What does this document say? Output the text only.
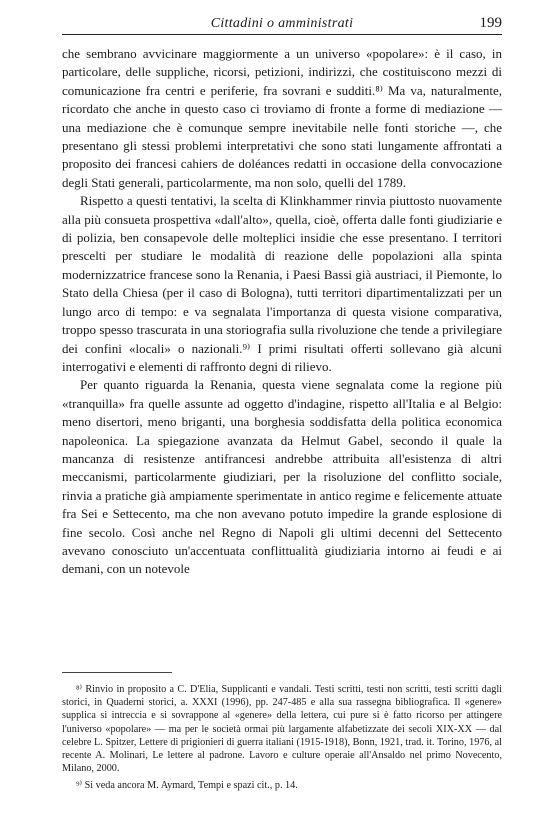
Cittadini o amministrati	199

che sembrano avvicinare maggiormente a un universo «popolare»: è il caso, in particolare, delle suppliche, ricorsi, petizioni, indirizzi, che costituiscono mezzi di comunicazione fra centri e periferie, fra sovrani e sudditi.⁸⁾ Ma va, naturalmente, ricordato che anche in questo caso ci troviamo di fronte a forme di mediazione — una mediazione che è comunque sempre inevitabile nelle fonti storiche —, che presentano gli stessi problemi interpretativi che sono stati lungamente affrontati a proposito dei francesi cahiers de doléances redatti in occasione della convocazione degli Stati generali, particolarmente, ma non solo, quelli del 1789.

Rispetto a questi tentativi, la scelta di Klinkhammer rinvia piuttosto nuovamente alla più consueta prospettiva «dall'alto», quella, cioè, offerta dalle fonti giudiziarie e di polizia, ben consapevole delle molteplici insidie che esse presentano. I territori prescelti per studiare le modalità di reazione delle popolazioni alla spinta modernizzatrice francese sono la Renania, i Paesi Bassi già austriaci, il Piemonte, lo Stato della Chiesa (per il caso di Bologna), tutti territori dipartimentalizzati per un lungo arco di tempo: e va segnalata l'importanza di questa visione comparativa, troppo spesso trascurata in una storiografia sulla rivoluzione che tende a privilegiare dei confini «locali» o nazionali.⁹⁾ I primi risultati offerti sollevano già alcuni interrogativi e elementi di raffronto degni di rilievo.

Per quanto riguarda la Renania, questa viene segnalata come la regione più «tranquilla» fra quelle assunte ad oggetto d'indagine, rispetto all'Italia e al Belgio: meno disertori, meno briganti, una borghesia soddisfatta della politica economica napoleonica. La spiegazione avanzata da Helmut Gabel, secondo il quale la mancanza di resistenze antifrancesi andrebbe attribuita all'esistenza di altri meccanismi, particolarmente giudiziari, per la risoluzione del conflitto sociale, rinvia a pratiche già ampiamente sperimentate in antico regime e felicemente attuate fra Sei e Settecento, ma che non avevano potuto impedire la grande esplosione di fine secolo. Così anche nel Regno di Napoli gli ultimi decenni del Settecento avevano conosciuto un'accentuata conflittualità giudiziaria intorno ai feudi e ai demani, con un notevole

⁸⁾ Rinvio in proposito a C. D'Elia, Supplicanti e vandali. Testi scritti, testi non scritti, testi scritti dagli storici, in Quaderni storici, a. XXXI (1996), pp. 247-485 e alla sua rassegna bibliografica. Il «genere» supplica si intreccia e si sovrappone al «genere» della lettera, cui pure si è fatto ricorso per attingere l'universo «popolare» — ma per le società ormai più largamente alfabetizzate dei secoli XIX-XX — dal celebre L. Spitzer, Lettere di prigionieri di guerra italiani (1915-1918), Bonn, 1921, trad. it. Torino, 1976, al recente A. Molinari, Le lettere al padrone. Lavoro e culture operaie all'Ansaldo nel primo Novecento, Milano, 2000.

⁹⁾ Si veda ancora M. Aymard, Tempi e spazi cit., p. 14.
